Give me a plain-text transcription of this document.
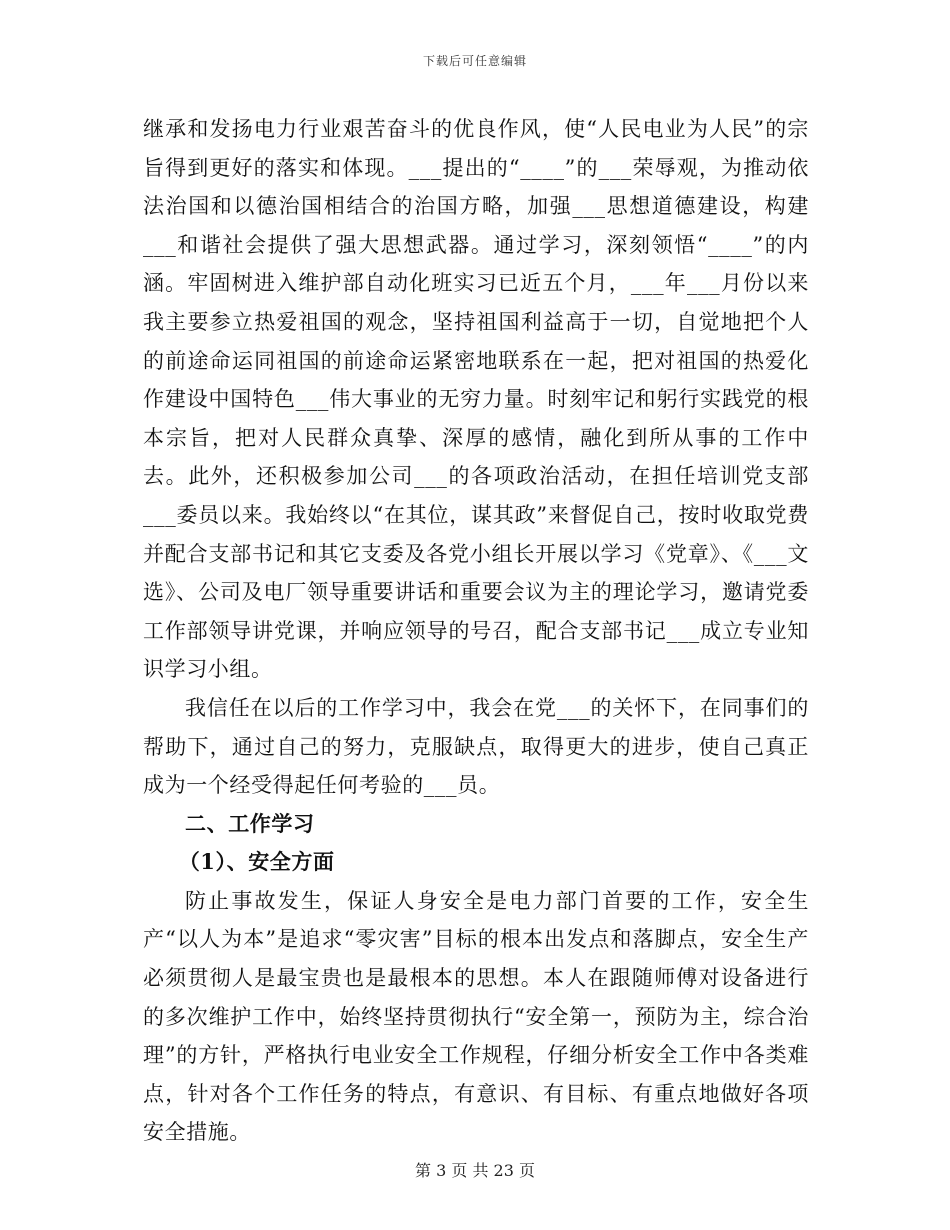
下载后可任意编辑

继承和发扬电力行业艰苦奋斗的优良作风，使“人民电业为人民”的宗旨得到更好的落实和体现。___提出的“____”的___荣辱观，为推动依法治国和以德治国相结合的治国方略，加强___思想道德建设，构建___和谐社会提供了强大思想武器。通过学习，深刻领悟“____”的内涵。牢固树进入维护部自动化班实习已近五个月，___年___月份以来我主要参立热爱祖国的观念，坚持祖国利益高于一切，自觉地把个人的前途命运同祖国的前途命运紧密地联系在一起，把对祖国的热爱化作建设中国特色___伟大事业的无穷力量。时刻牢记和躬行实践党的根本宗旨，把对人民群众真挚、深厚的感情，融化到所从事的工作中去。此外，还积极参加公司___的各项政治活动，在担任培训党支部___委员以来。我始终以“在其位，谋其政”来督促自己，按时收取党费并配合支部书记和其它支委及各党小组长开展以学习《党章》、《___文选》、公司及电厂领导重要讲话和重要会议为主的理论学习，邀请党委工作部领导讲党课，并响应领导的号召，配合支部书记___成立专业知识学习小组。

我信任在以后的工作学习中，我会在党___的关怀下，在同事们的帮助下，通过自己的努力，克服缺点，取得更大的进步，使自己真正成为一个经受得起任何考验的___员。

二、工作学习

（1）、安全方面

防止事故发生，保证人身安全是电力部门首要的工作，安全生产“以人为本”是追求“零灾害”目标的根本出发点和落脚点，安全生产必须贯彻人是最宝贵也是最根本的思想。本人在跟随师傅对设备进行的多次维护工作中，始终坚持贯彻执行“安全第一，预防为主，综合治理”的方针，严格执行电业安全工作规程，仔细分析安全工作中各类难点，针对各个工作任务的特点，有意识、有目标、有重点地做好各项安全措施。

第 3 页 共 23 页
